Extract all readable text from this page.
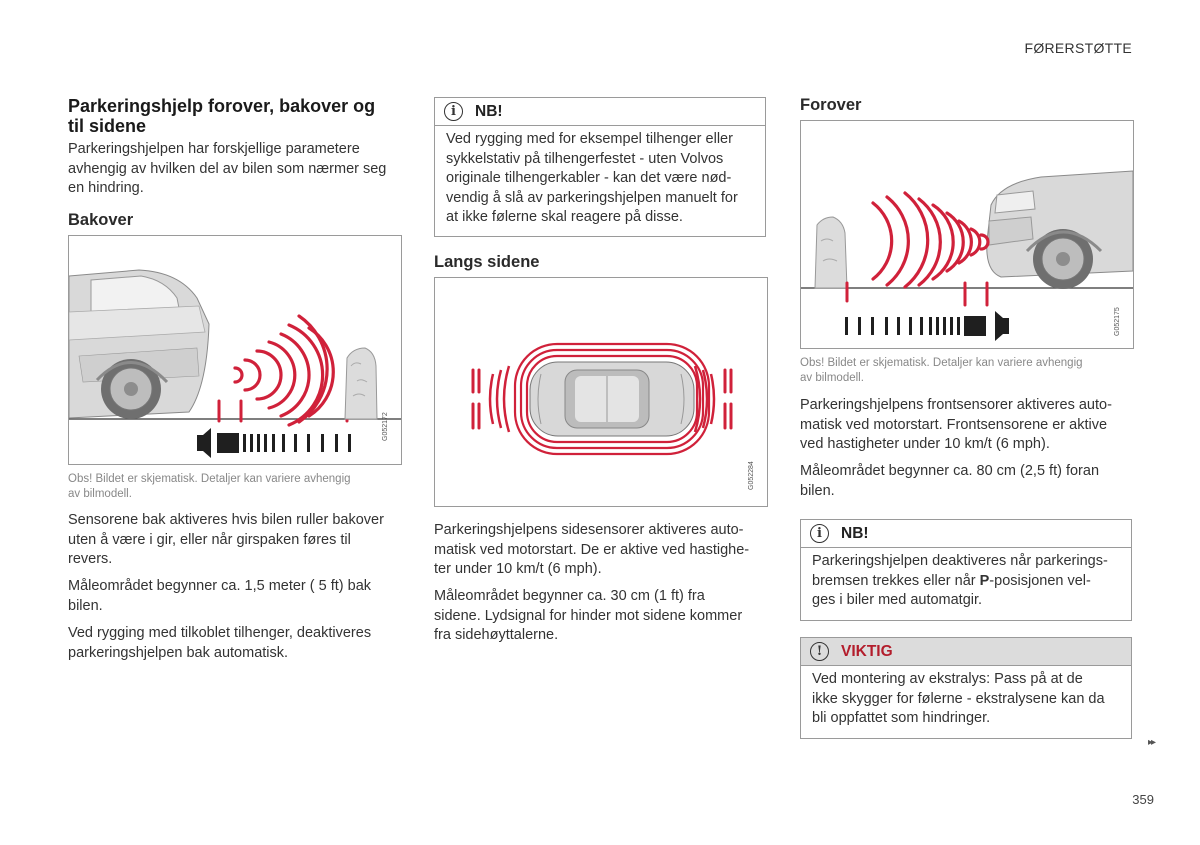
FØRERSTØTTE
Parkeringshjelp forover, bakover og
til sidene
Parkeringshjelpen har forskjellige parametere
avhengig av hvilken del av bilen som nærmer seg
en hindring.
Bakover
G052172
Obs! Bildet er skjematisk. Detaljer kan variere avhengig
av bilmodell.
Sensorene bak aktiveres hvis bilen ruller bakover
uten å være i gir, eller når girspaken føres til
revers.
Måleområdet begynner ca. 1,5 meter ( 5 ft) bak
bilen.
Ved rygging med tilkoblet tilhenger, deaktiveres
parkeringshjelpen bak automatisk.
i	NB!
Ved rygging med for eksempel tilhenger eller
sykkelstativ på tilhengerfestet - uten Volvos
originale tilhengerkabler - kan det være nød-
vendig å slå av parkeringshjelpen manuelt for
at ikke følerne skal reagere på disse.
Langs sidene
G052284
Parkeringshjelpens sidesensorer aktiveres auto-
matisk ved motorstart. De er aktive ved hastighe-
ter under 10 km/t (6 mph).
Måleområdet begynner ca. 30 cm (1 ft) fra
sidene. Lydsignal for hinder mot sidene kommer
fra sidehøyttalerne.
Forover
G052175
Obs! Bildet er skjematisk. Detaljer kan variere avhengig
av bilmodell.
Parkeringshjelpens frontsensorer aktiveres auto-
matisk ved motorstart. Frontsensorene er aktive
ved hastigheter under 10 km/t (6 mph).
Måleområdet begynner ca. 80 cm (2,5 ft) foran
bilen.
i	NB!
Parkeringshjelpen deaktiveres når parkerings-
bremsen trekkes eller når P-posisjonen vel-
ges i biler med automatgir.
!	VIKTIG
Ved montering av ekstralys: Pass på at de
ikke skygger for følerne - ekstralysene kan da
bli oppfattet som hindringer.
▸▸
359
